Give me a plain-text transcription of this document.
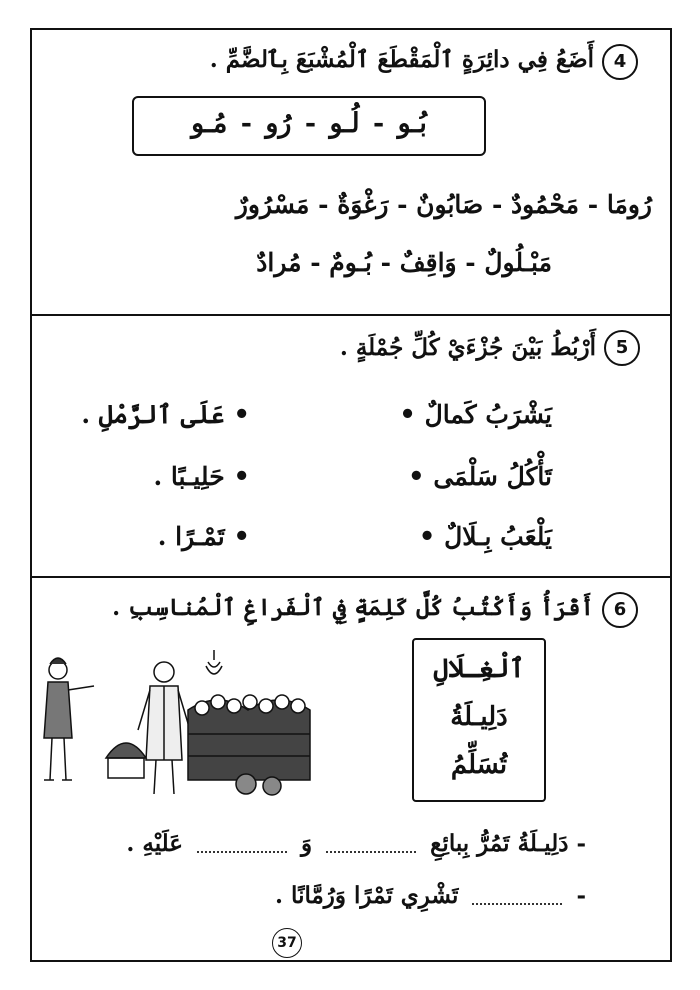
4
أَضَعُ فِي دائِرَةٍ ٱلْمَقْطَعَ ٱلْمُشْبَعَ بِٱلضَّمِّ .
بُـو - لُـو - رُو - مُـو
رُومَا - مَحْمُودٌ - صَابُونٌ - رَغْوَةٌ - مَسْرُورٌ
مَبْـلُولٌ - وَاقِفٌ - بُـومٌ - مُرادٌ
5
أَرْبُطُ بَيْنَ جُزْءَيْ كُلِّ جُمْلَةٍ .
يَشْرَبُ كَمالٌ •
تَأْكُلُ سَلْمَى •
يَلْعَبُ بِـلَالٌ •
• عَلَى ٱلرَّمْلِ .
• حَلِيـبًا .
• تَمْـرًا .
6
أَقْرَأُ وَأَكْتُبُ كُلَّ كَلِمَةٍ فِي ٱلْفَراغِ ٱلْمُناسِبِ .
ٱلْغِـلَالِ
دَلِيـلَةُ
تُسَلِّمُ
- دَلِيـلَةُ تَمُرُّ بِبائِعِ  وَ  عَلَيْهِ .
-  تَشْرِي تَمْرًا وَرُمَّانًا .
37
